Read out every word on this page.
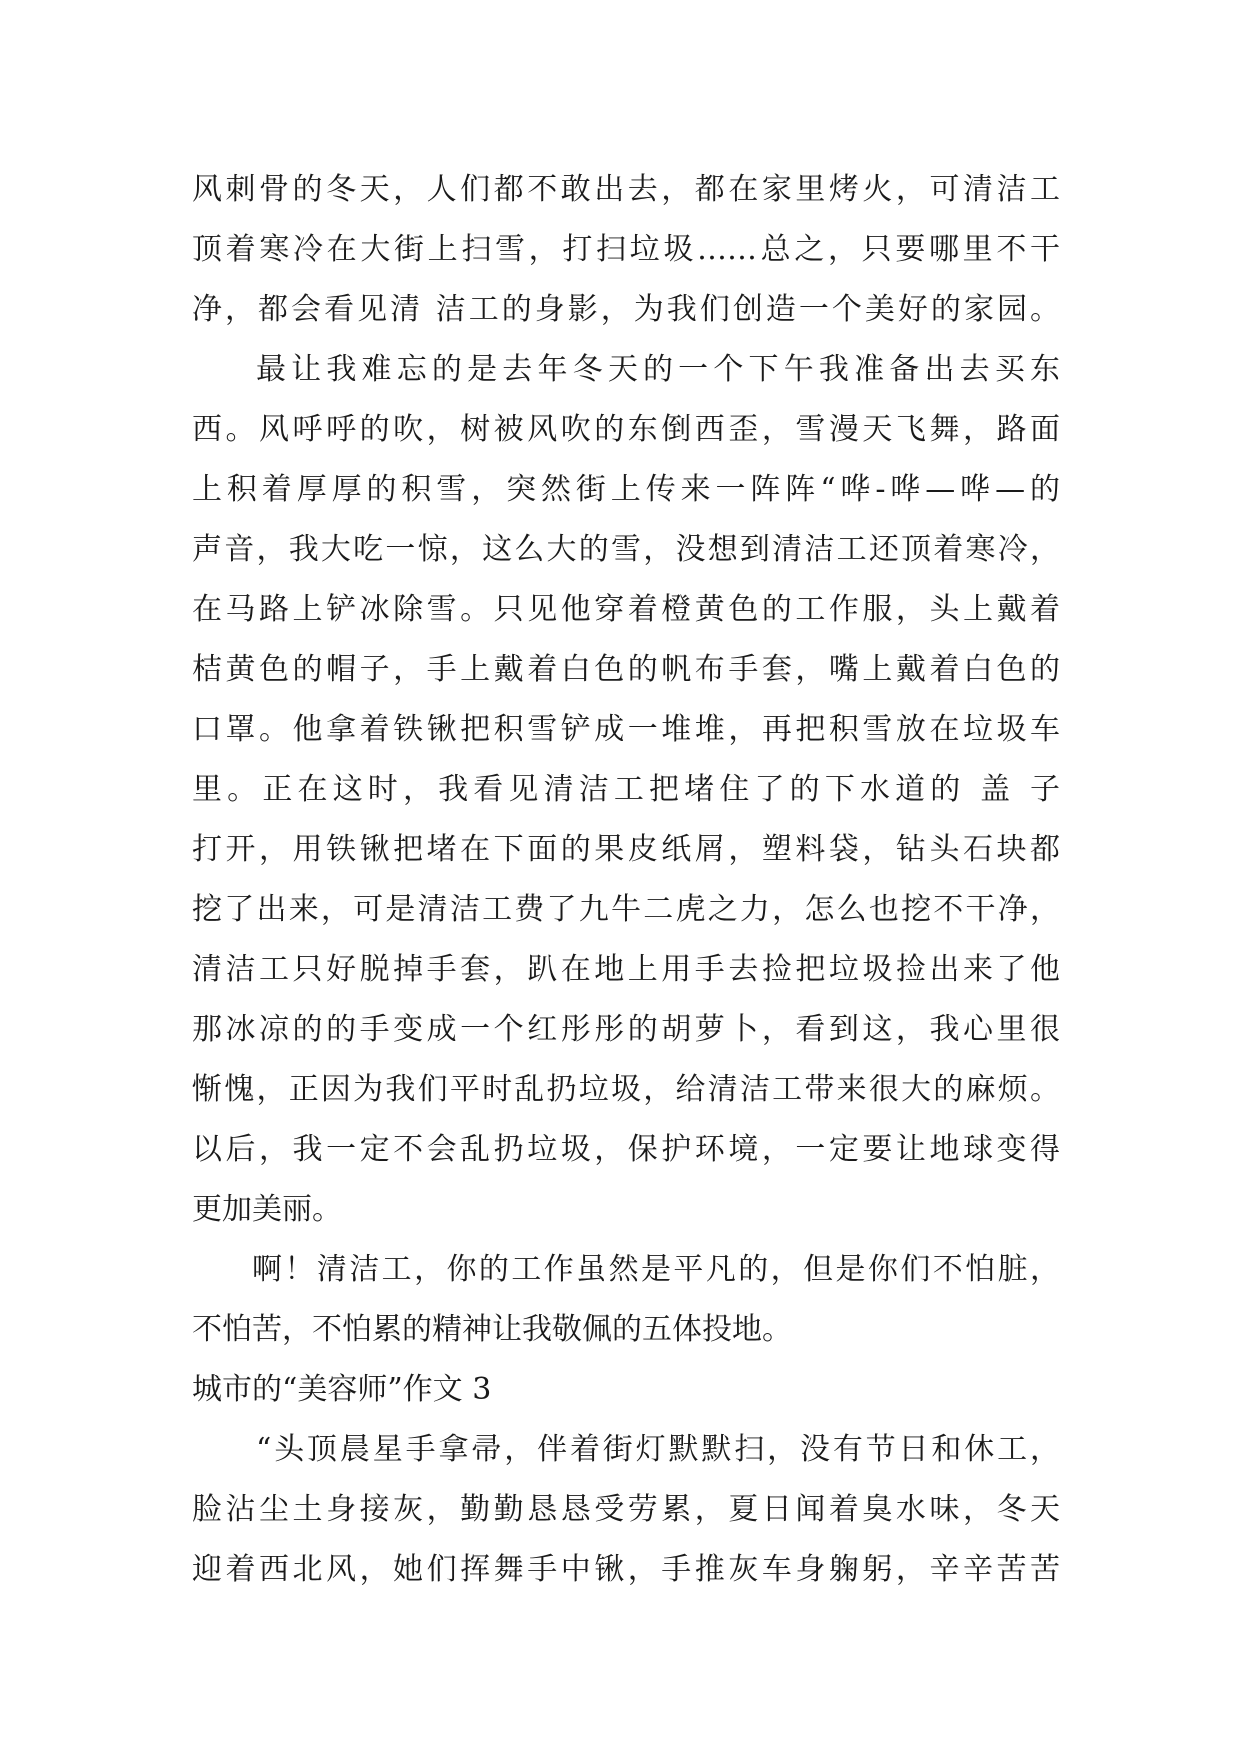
风刺骨的冬天，人们都不敢出去，都在家里烤火，可清洁工
顶着寒冷在大街上扫雪，打扫垃圾……总之，只要哪里不干
净，都会看见清 洁工的身影，为我们创造一个美好的家园。
最让我难忘的是去年冬天的一个下午我准备出去买东
西。风呼呼的吹，树被风吹的东倒西歪，雪漫天飞舞，路面
上积着厚厚的积雪，突然街上传来一阵阵“哗-哗—哗—的
声音，我大吃一惊，这么大的雪，没想到清洁工还顶着寒冷，
在马路上铲冰除雪。只见他穿着橙黄色的工作服，头上戴着
桔黄色的帽子，手上戴着白色的帆布手套，嘴上戴着白色的
口罩。他拿着铁锹把积雪铲成一堆堆，再把积雪放在垃圾车
里。正在这时，我看见清洁工把堵住了的下水道的 盖 子
打开，用铁锹把堵在下面的果皮纸屑，塑料袋，钻头石块都
挖了出来，可是清洁工费了九牛二虎之力，怎么也挖不干净，
清洁工只好脱掉手套，趴在地上用手去捡把垃圾捡出来了他
那冰凉的的手变成一个红彤彤的胡萝卜，看到这，我心里很
惭愧，正因为我们平时乱扔垃圾，给清洁工带来很大的麻烦。
以后，我一定不会乱扔垃圾，保护环境，一定要让地球变得
更加美丽。
啊！清洁工，你的工作虽然是平凡的，但是你们不怕脏，
不怕苦，不怕累的精神让我敬佩的五体投地。
城市的“美容师”作文 3
“头顶晨星手拿帚，伴着街灯默默扫，没有节日和休工，
脸沾尘土身接灰，勤勤恳恳受劳累，夏日闻着臭水味，冬天
迎着西北风，她们挥舞手中锹，手推灰车身躹躬，辛辛苦苦
